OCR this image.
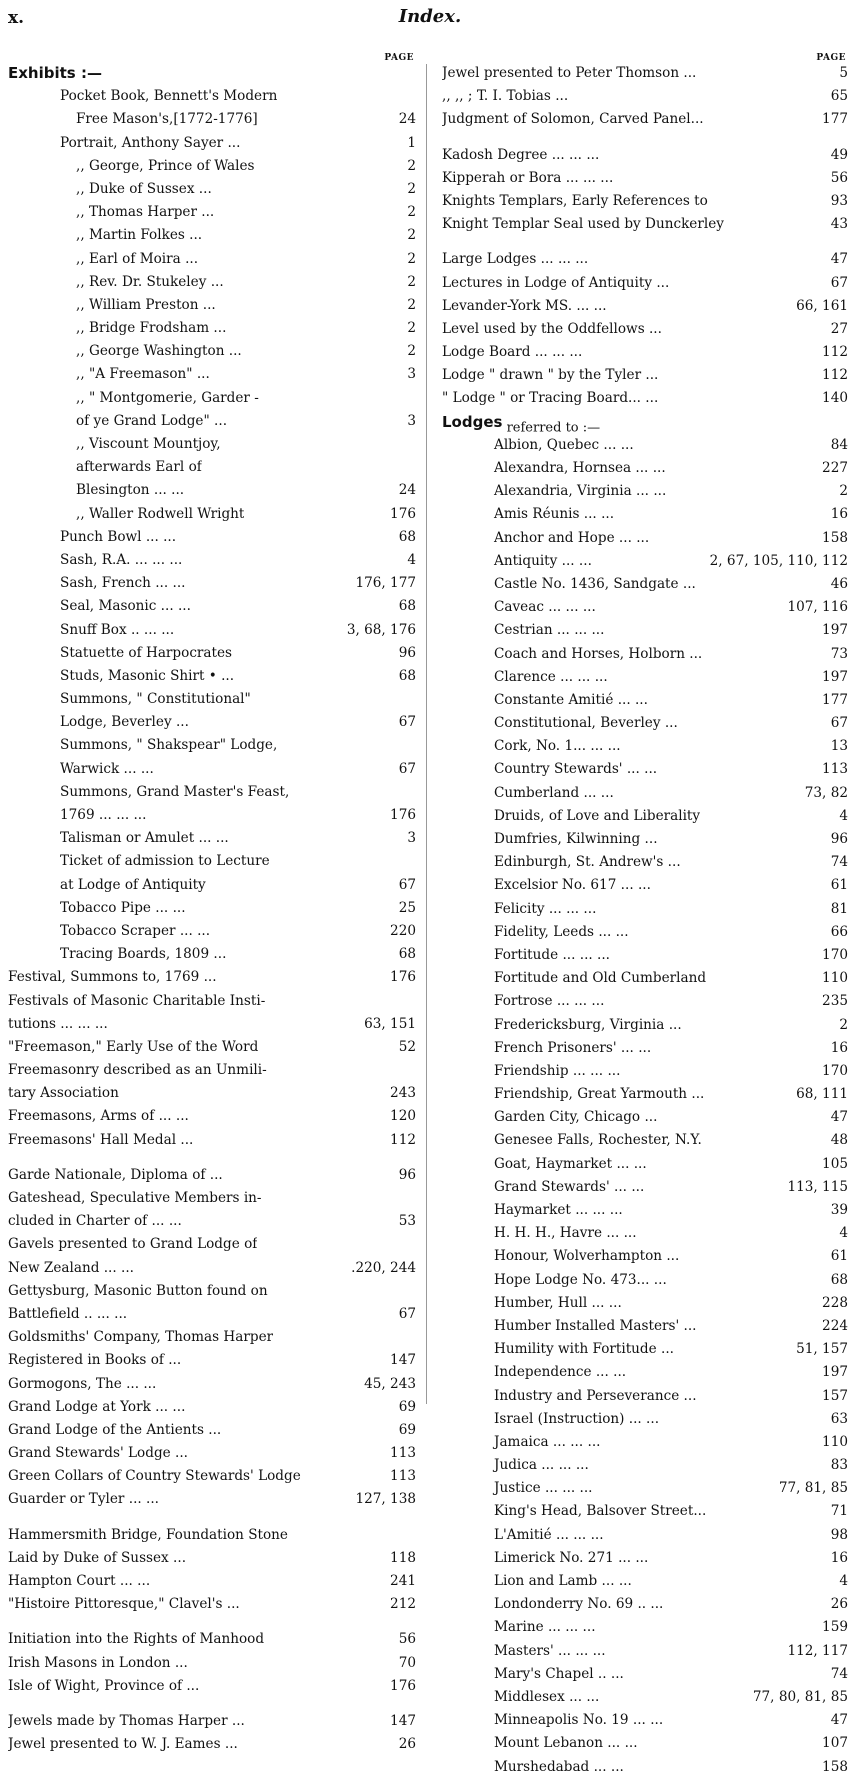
x.	Index.
PAGE
Exhibits :—
Pocket Book, Bennett's Modern
Free Mason's,[1772-1776]	24
Portrait, Anthony Sayer ...	1
,, George, Prince of Wales	2
,, Duke of Sussex ...	2
,, Thomas Harper ...	2
,, Martin Folkes ...	2
,, Earl of Moira ...	2
,, Rev. Dr. Stukeley ...	2
,, William Preston ...	2
,, Bridge Frodsham ...	2
,, George Washington ...	2
,, "A Freemason" ...	3
,, " Montgomerie, Garder -
of ye Grand Lodge" ...	3
,, Viscount Mountjoy,
afterwards Earl of
Blesington ... ...	24
,, Waller Rodwell Wright	176
Punch Bowl ... ...	68
Sash, R.A. ... ... ...	4
Sash, French ... ...	176, 177
Seal, Masonic ... ...	68
Snuff Box .. ... ...	3, 68, 176
Statuette of Harpocrates	96
Studs, Masonic Shirt • ...	68
Summons, " Constitutional"
Lodge, Beverley ...	67
Summons, " Shakspear" Lodge,
Warwick ... ...	67
Summons, Grand Master's Feast,
1769 ... ... ...	176
Talisman or Amulet ... ...	3
Ticket of admission to Lecture
at Lodge of Antiquity	67
Tobacco Pipe ... ...	25
Tobacco Scraper ... ...	220
Tracing Boards, 1809 ...	68
Festival, Summons to, 1769 ...	176
Festivals of Masonic Charitable Insti-
tutions ... ... ...	63, 151
"Freemason," Early Use of the Word	52
Freemasonry described as an Unmili-
tary Association	243
Freemasons, Arms of ... ...	120
Freemasons' Hall Medal ...	112
Garde Nationale, Diploma of ...	96
Gateshead, Speculative Members in-
cluded in Charter of ... ...	53
Gavels presented to Grand Lodge of
New Zealand ... ...	.220, 244
Gettysburg, Masonic Button found on
Battlefield .. ... ...	67
Goldsmiths' Company, Thomas Harper
Registered in Books of ...	147
Gormogons, The ... ...	45, 243
Grand Lodge at York ... ...	69
Grand Lodge of the Antients ...	69
Grand Stewards' Lodge ...	113
Green Collars of Country Stewards' Lodge	113
Guarder or Tyler ... ...	127, 138
Hammersmith Bridge, Foundation Stone
Laid by Duke of Sussex ...	118
Hampton Court ... ...	241
"Histoire Pittoresque," Clavel's ...	212
Initiation into the Rights of Manhood	56
Irish Masons in London ...	70
Isle of Wight, Province of ...	176
Jewels made by Thomas Harper ...	147
Jewel presented to W. J. Eames ...	26
PAGE
Jewel presented to Peter Thomson ...	5
,, ,, ; T. I. Tobias ...	65
Judgment of Solomon, Carved Panel...	177
Kadosh Degree ... ... ...	49
Kipperah or Bora ... ... ...	56
Knights Templars, Early References to	93
Knight Templar Seal used by Dunckerley	43
Large Lodges ... ... ...	47
Lectures in Lodge of Antiquity ...	67
Levander-York MS. ... ...	66, 161
Level used by the Oddfellows ...	27
Lodge Board ... ... ...	112
Lodge " drawn " by the Tyler ...	112
" Lodge " or Tracing Board... ...	140
Lodges referred to :—
Albion, Quebec ... ...	84
Alexandra, Hornsea ... ...	227
Alexandria, Virginia ... ...	2
Amis Réunis ... ...	16
Anchor and Hope ... ...	158
Antiquity ... ...	2, 67, 105, 110, 112
Castle No. 1436, Sandgate ...	46
Caveac ... ... ...	107, 116
Cestrian ... ... ...	197
Coach and Horses, Holborn ...	73
Clarence ... ... ...	197
Constante Amitié ... ...	177
Constitutional, Beverley ...	67
Cork, No. 1... ... ...	13
Country Stewards' ... ...	113
Cumberland ... ...	73, 82
Druids, of Love and Liberality	4
Dumfries, Kilwinning ...	96
Edinburgh, St. Andrew's ...	74
Excelsior No. 617 ... ...	61
Felicity ... ... ...	81
Fidelity, Leeds ... ...	66
Fortitude ... ... ...	170
Fortitude and Old Cumberland	110
Fortrose ... ... ...	235
Fredericksburg, Virginia ...	2
French Prisoners' ... ...	16
Friendship ... ... ...	170
Friendship, Great Yarmouth ...	68, 111
Garden City, Chicago ...	47
Genesee Falls, Rochester, N.Y.	48
Goat, Haymarket ... ...	105
Grand Stewards' ... ...	113, 115
Haymarket ... ... ...	39
H. H. H., Havre ... ...	4
Honour, Wolverhampton ...	61
Hope Lodge No. 473... ...	68
Humber, Hull ... ...	228
Humber Installed Masters' ...	224
Humility with Fortitude ...	51, 157
Independence ... ...	197
Industry and Perseverance ...	157
Israel (Instruction) ... ...	63
Jamaica ... ... ...	110
Judica ... ... ...	83
Justice ... ... ...	77, 81, 85
King's Head, Balsover Street...	71
L'Amitié ... ... ...	98
Limerick No. 271 ... ...	16
Lion and Lamb ... ...	4
Londonderry No. 69 .. ...	26
Marine ... ... ...	159
Masters' ... ... ...	112, 117
Mary's Chapel .. ...	74
Middlesex ... ...	77, 80, 81, 85
Minneapolis No. 19 ... ...	47
Mount Lebanon ... ...	107
Murshedabad ... ...	158
